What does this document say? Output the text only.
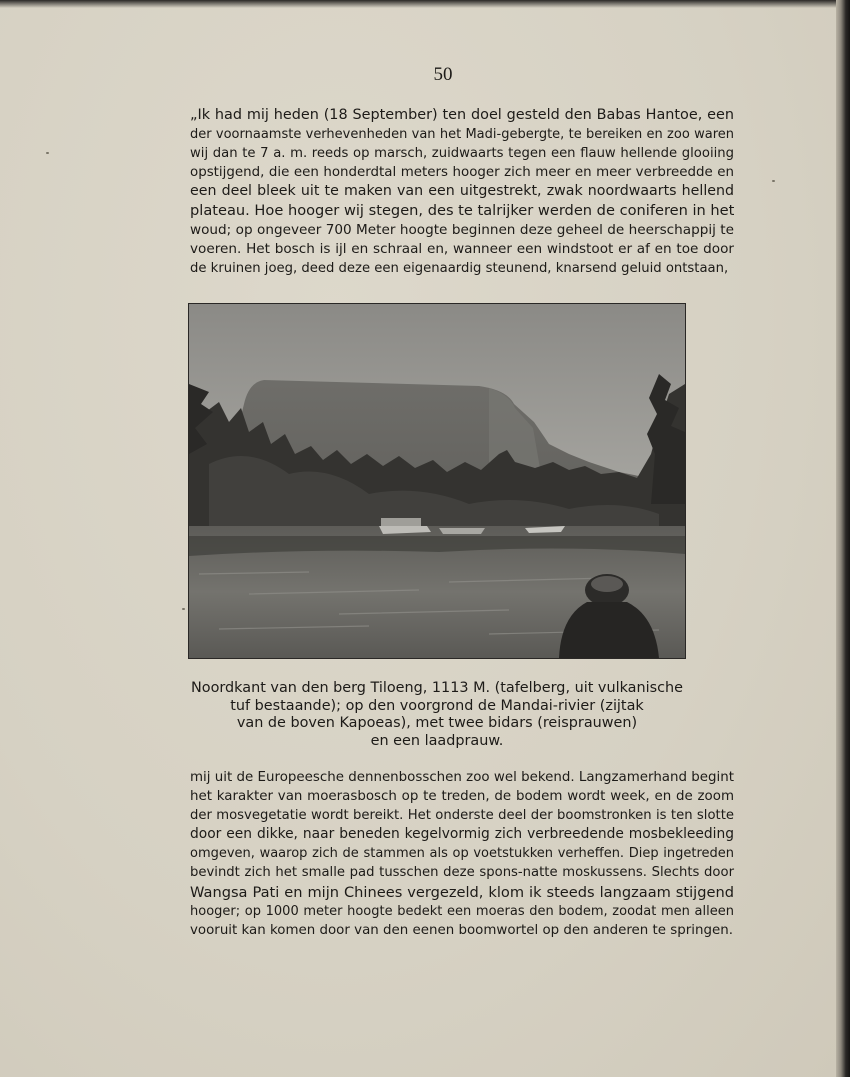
50
„Ik had mij heden (18 September) ten doel gesteld den Babas Hantoe, een
der voornaamste verhevenheden van het Madi-gebergte, te bereiken en zoo waren
wij dan te 7 a. m. reeds op marsch, zuidwaarts tegen een flauw hellende glooiing
opstijgend, die een honderdtal meters hooger zich meer en meer verbreedde en
een deel bleek uit te maken van een uitgestrekt, zwak noordwaarts hellend
plateau. Hoe hooger wij stegen, des te talrijker werden de coniferen in het
woud; op ongeveer 700 Meter hoogte beginnen deze geheel de heerschappij te
voeren. Het bosch is ijl en schraal en, wanneer een windstoot er af en toe door
de kruinen joeg, deed deze een eigenaardig steunend, knarsend geluid ontstaan,
Noordkant van den berg Tiloeng, 1113 M. (tafelberg, uit vulkanische
tuf bestaande); op den voorgrond de Mandai-rivier (zijtak
van de boven Kapoeas), met twee bidars (reisprauwen)
en een laadprauw.
mij uit de Europeesche dennenbosschen zoo wel bekend. Langzamerhand begint
het karakter van moerasbosch op te treden, de bodem wordt week, en de zoom
der mosvegetatie wordt bereikt. Het onderste deel der boomstronken is ten slotte
door een dikke, naar beneden kegelvormig zich verbreedende mosbekleeding
omgeven, waarop zich de stammen als op voetstukken verheffen. Diep ingetreden
bevindt zich het smalle pad tusschen deze spons-natte moskussens. Slechts door
Wangsa Pati en mijn Chinees vergezeld, klom ik steeds langzaam stijgend
hooger; op 1000 meter hoogte bedekt een moeras den bodem, zoodat men alleen
vooruit kan komen door van den eenen boomwortel op den anderen te springen.
